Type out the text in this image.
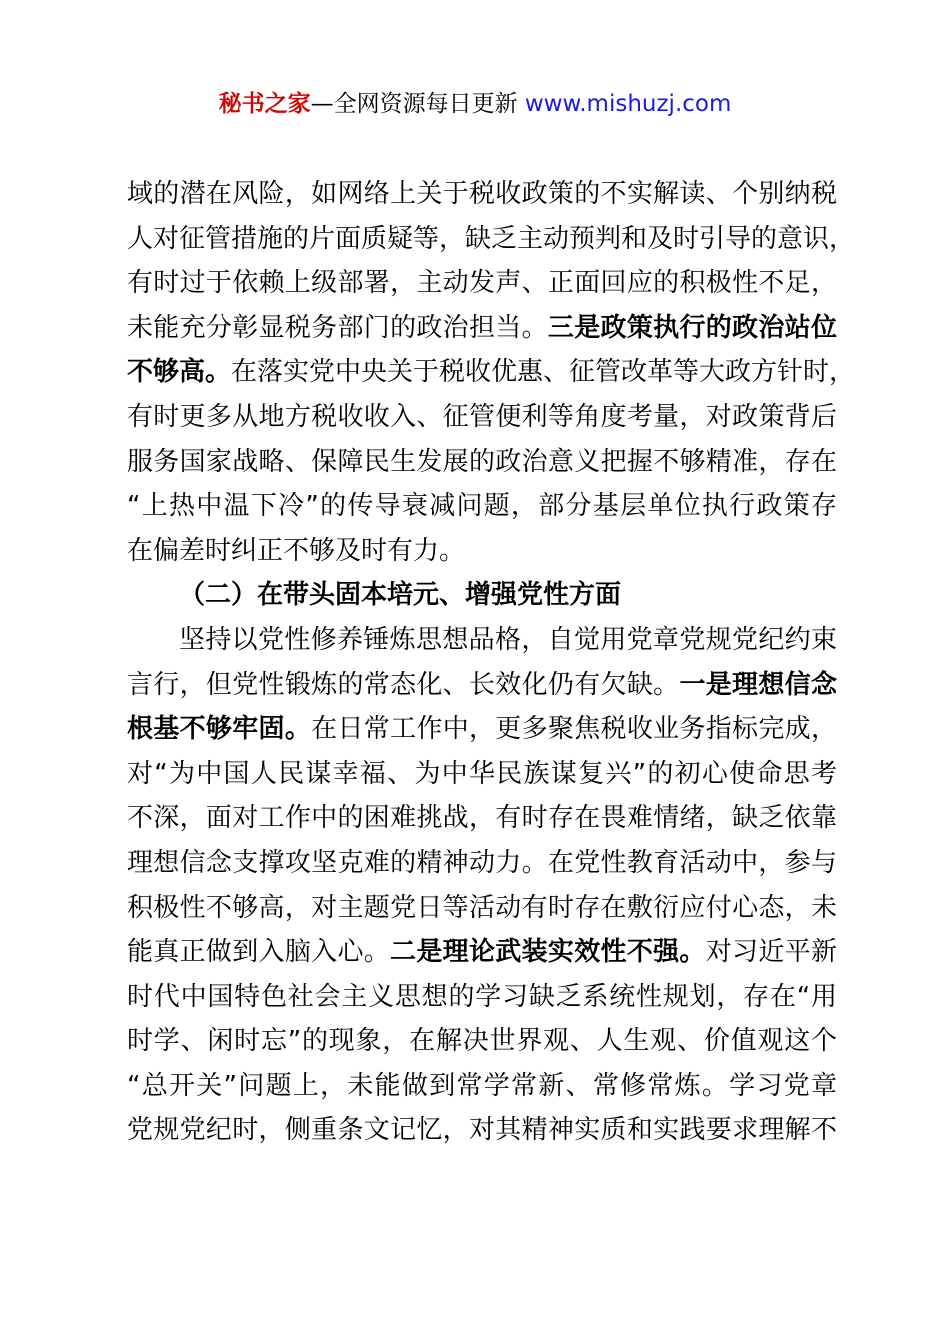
秘书之家—全网资源每日更新 www.mishuzj.com
域的潜在风险，如网络上关于税收政策的不实解读、个别纳税
人对征管措施的片面质疑等，缺乏主动预判和及时引导的意识，
有时过于依赖上级部署，主动发声、正面回应的积极性不足，
未能充分彰显税务部门的政治担当。三是政策执行的政治站位
不够高。在落实党中央关于税收优惠、征管改革等大政方针时，
有时更多从地方税收收入、征管便利等角度考量，对政策背后
服务国家战略、保障民生发展的政治意义把握不够精准，存在
“上热中温下冷”的传导衰减问题，部分基层单位执行政策存
在偏差时纠正不够及时有力。
（二）在带头固本培元、增强党性方面
坚持以党性修养锤炼思想品格，自觉用党章党规党纪约束
言行，但党性锻炼的常态化、长效化仍有欠缺。一是理想信念
根基不够牢固。在日常工作中，更多聚焦税收业务指标完成，
对“为中国人民谋幸福、为中华民族谋复兴”的初心使命思考
不深，面对工作中的困难挑战，有时存在畏难情绪，缺乏依靠
理想信念支撑攻坚克难的精神动力。在党性教育活动中，参与
积极性不够高，对主题党日等活动有时存在敷衍应付心态，未
能真正做到入脑入心。二是理论武装实效性不强。对习近平新
时代中国特色社会主义思想的学习缺乏系统性规划，存在“用
时学、闲时忘”的现象，在解决世界观、人生观、价值观这个
“总开关”问题上，未能做到常学常新、常修常炼。学习党章
党规党纪时，侧重条文记忆，对其精神实质和实践要求理解不
